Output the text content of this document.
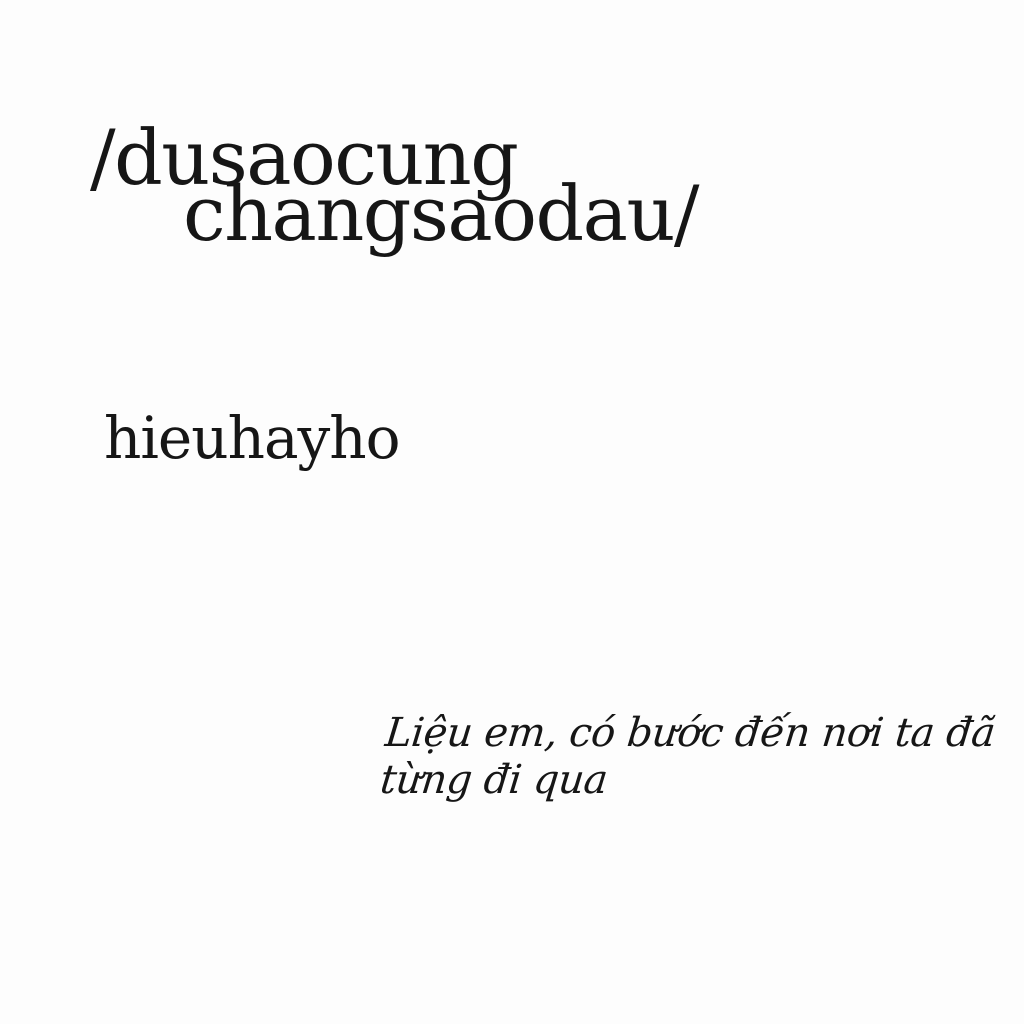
/dusaocung
changsaodau/
hieuhayho
Liệu em, có bước đến nơi ta đã
từng đi qua
